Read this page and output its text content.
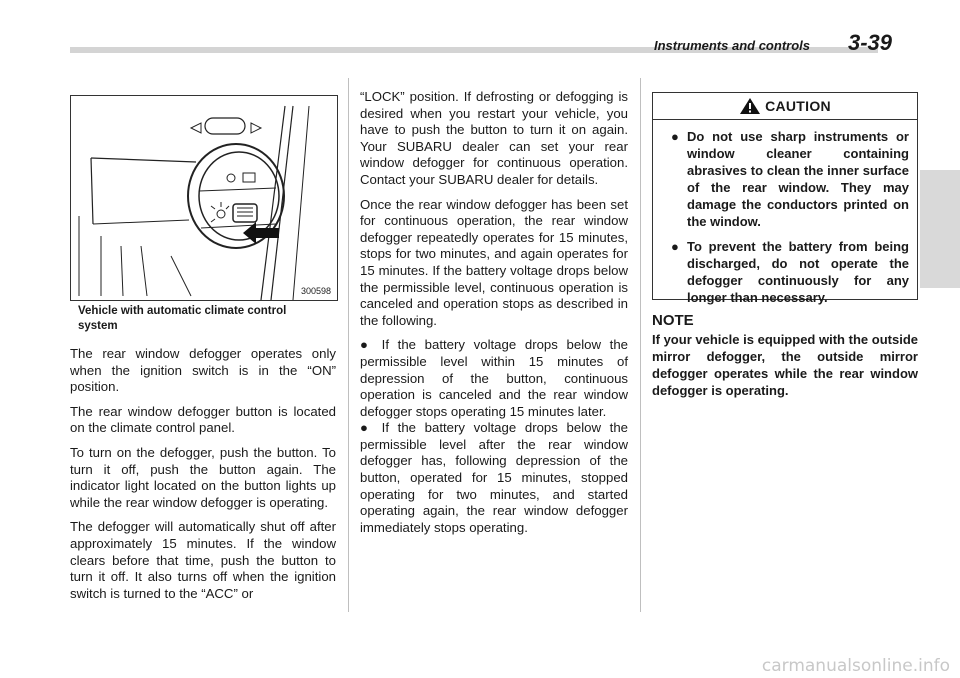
Instruments and controls 3-39
300598
Vehicle with automatic climate control system

The rear window defogger operates only when the ignition switch is in the “ON” position.

The rear window defogger button is located on the climate control panel.

To turn on the defogger, push the button. To turn it off, push the button again. The indicator light located on the button lights up while the rear window defogger is operating.

The defogger will automatically shut off after approximately 15 minutes. If the window clears before that time, push the button to turn it off. It also turns off when the ignition switch is turned to the “ACC” or

“LOCK” position. If defrosting or defogging is desired when you restart your vehicle, you have to push the button to turn it on again. Your SUBARU dealer can set your rear window defogger for continuous operation. Contact your SUBARU dealer for details.

Once the rear window defogger has been set for continuous operation, the rear window defogger repeatedly operates for 15 minutes, stops for two minutes, and again operates for 15 minutes. If the battery voltage drops below the permissible level, continuous operation is canceled and operation stops as described in the following.

● If the battery voltage drops below the permissible level within 15 minutes of depression of the button, continuous operation is canceled and the rear window defogger stops operating 15 minutes later.

● If the battery voltage drops below the permissible level after the rear window defogger has, following depression of the button, operated for 15 minutes, stopped operating for two minutes, and started operating again, the rear window defogger immediately stops operating.

CAUTION
● Do not use sharp instruments or window cleaner containing abrasives to clean the inner surface of the rear window. They may damage the conductors printed on the window.
● To prevent the battery from being discharged, do not operate the defogger continuously for any longer than necessary.
NOTE
If your vehicle is equipped with the outside mirror defogger, the outside mirror defogger operates while the rear window defogger is operating.
carmanualsonline.info
